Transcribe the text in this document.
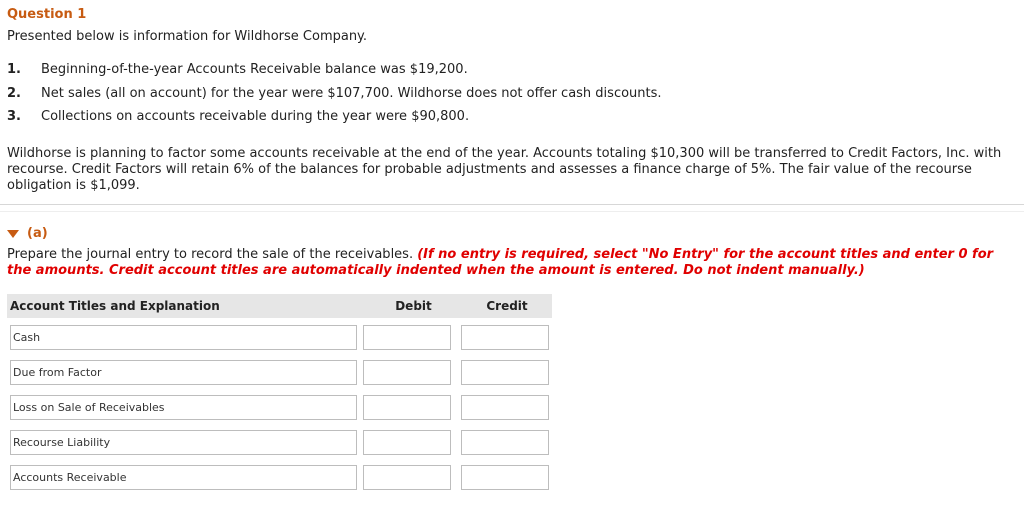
Question 1
Presented below is information for Wildhorse Company.
1.	Beginning-of-the-year Accounts Receivable balance was $19,200.
2.	Net sales (all on account) for the year were $107,700. Wildhorse does not offer cash discounts.
3.	Collections on accounts receivable during the year were $90,800.
Wildhorse is planning to factor some accounts receivable at the end of the year. Accounts totaling $10,300 will be transferred to Credit Factors, Inc. with recourse. Credit Factors will retain 6% of the balances for probable adjustments and assesses a finance charge of 5%. The fair value of the recourse obligation is $1,099.
(a)
Prepare the journal entry to record the sale of the receivables. (If no entry is required, select "No Entry" for the account titles and enter 0 for the amounts. Credit account titles are automatically indented when the amount is entered. Do not indent manually.)
Account Titles and Explanation	Debit	Credit
Cash
Due from Factor
Loss on Sale of Receivables
Recourse Liability
Accounts Receivable
